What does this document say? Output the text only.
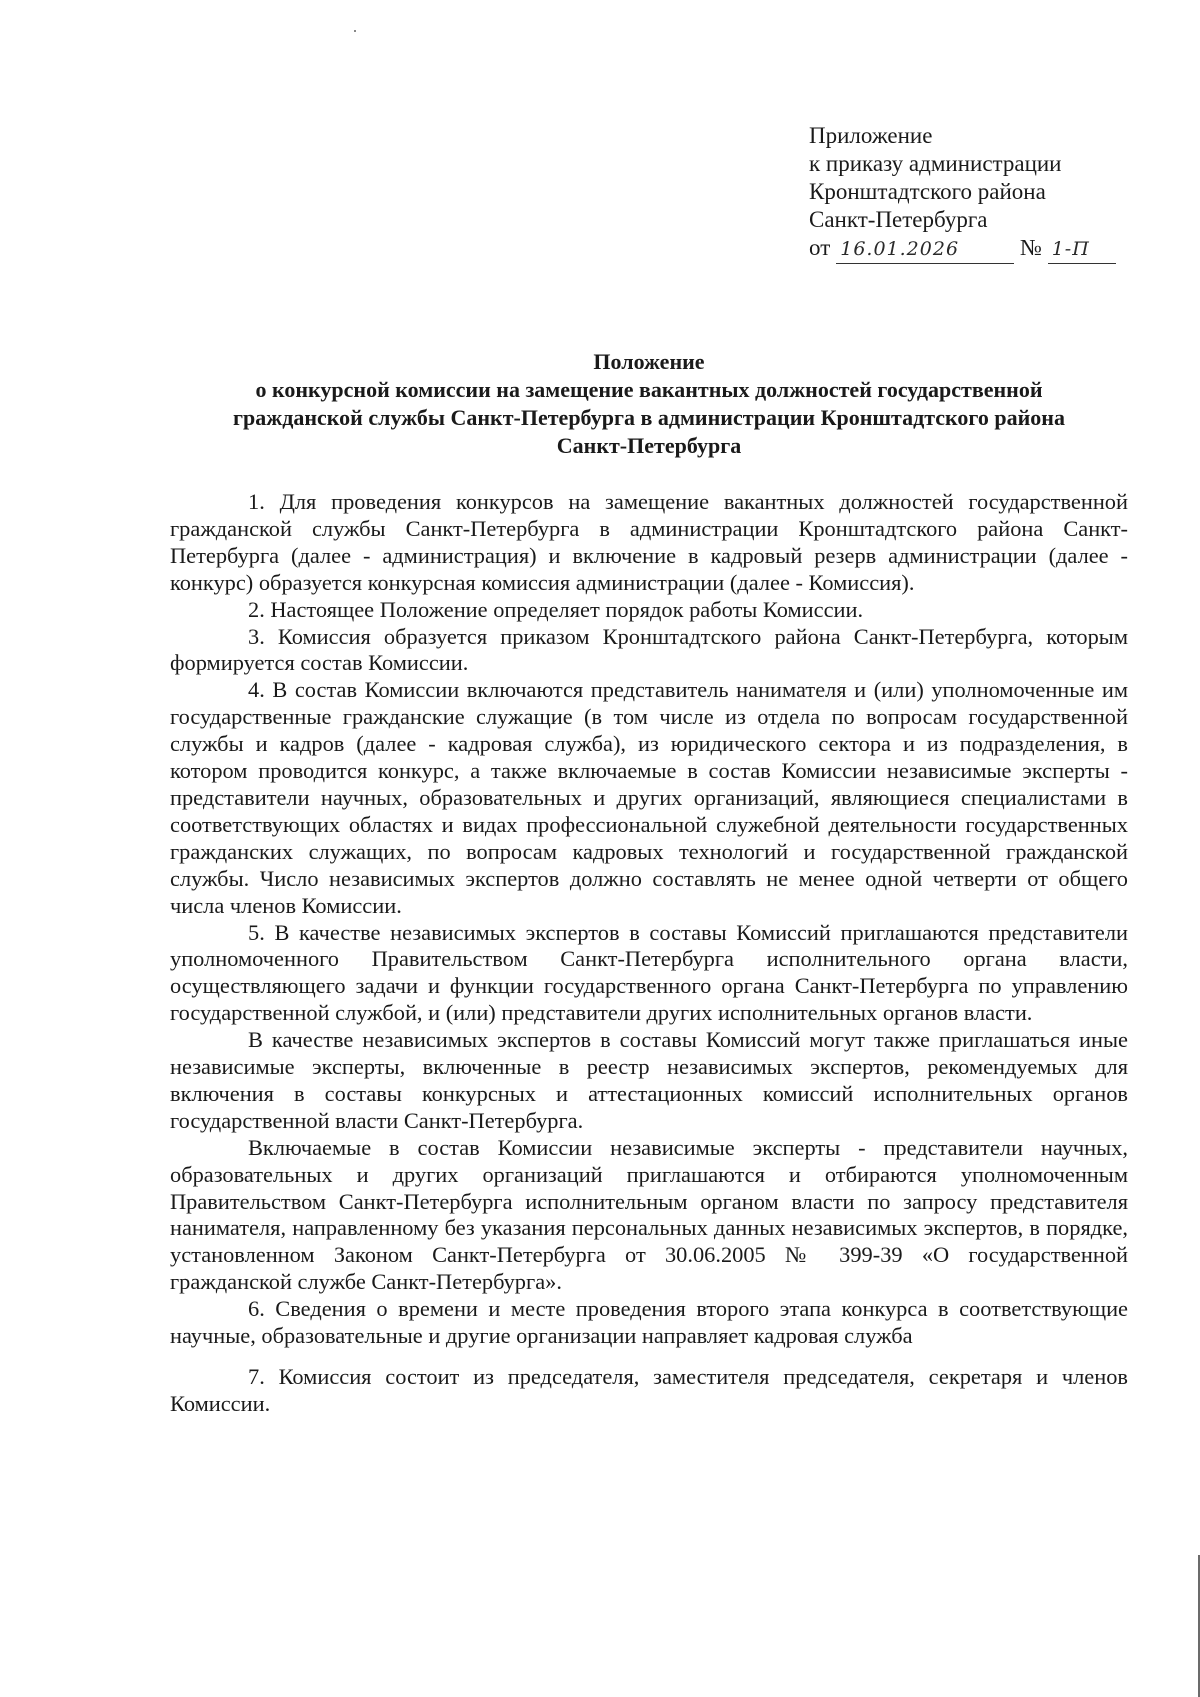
Приложение
к приказу администрации
Кронштадтского района
Санкт-Петербурга
от 16.01.2026	№ 1-П
Положение
о конкурсной комиссии на замещение вакантных должностей государственной
гражданской службы Санкт-Петербурга в администрации Кронштадтского района
Санкт-Петербурга

1. Для проведения конкурсов на замещение вакантных должностей государственной гражданской службы Санкт-Петербурга в администрации Кронштадтского района Санкт-Петербурга (далее - администрация) и включение в кадровый резерв администрации (далее - конкурс) образуется конкурсная комиссия администрации (далее - Комиссия).

2. Настоящее Положение определяет порядок работы Комиссии.

3. Комиссия образуется приказом Кронштадтского района Санкт-Петербурга, которым формируется состав Комиссии.

4. В состав Комиссии включаются представитель нанимателя и (или) уполномоченные им государственные гражданские служащие (в том числе из отдела по вопросам государственной службы и кадров (далее - кадровая служба), из юридического сектора и из подразделения, в котором проводится конкурс, а также включаемые в состав Комиссии независимые эксперты - представители научных, образовательных и других организаций, являющиеся специалистами в соответствующих областях и видах профессиональной служебной деятельности государственных гражданских служащих, по вопросам кадровых технологий и государственной гражданской службы. Число независимых экспертов должно составлять не менее одной четверти от общего числа членов Комиссии.

5. В качестве независимых экспертов в составы Комиссий приглашаются представители уполномоченного Правительством Санкт-Петербурга исполнительного органа власти, осуществляющего задачи и функции государственного органа Санкт-Петербурга по управлению государственной службой, и (или) представители других исполнительных органов власти.

В качестве независимых экспертов в составы Комиссий могут также приглашаться иные независимые эксперты, включенные в реестр независимых экспертов, рекомендуемых для включения в составы конкурсных и аттестационных комиссий исполнительных органов государственной власти Санкт-Петербурга.

Включаемые в состав Комиссии независимые эксперты - представители научных, образовательных и других организаций приглашаются и отбираются уполномоченным Правительством Санкт-Петербурга исполнительным органом власти по запросу представителя нанимателя, направленному без указания персональных данных независимых экспертов, в порядке, установленном Законом Санкт-Петербурга от 30.06.2005 № 399-39 «О государственной гражданской службе Санкт-Петербурга».

6. Сведения о времени и месте проведения второго этапа конкурса в соответствующие научные, образовательные и другие организации направляет кадровая служба

7. Комиссия состоит из председателя, заместителя председателя, секретаря и членов Комиссии.
